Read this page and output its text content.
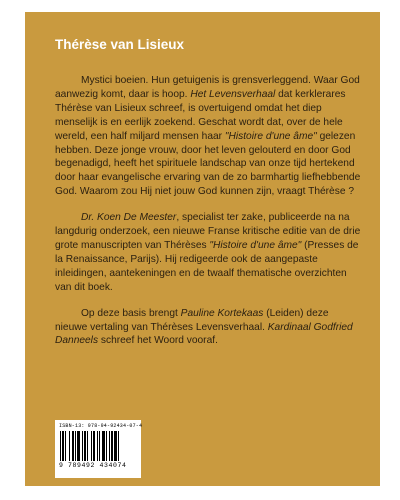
Thérèse van Lisieux

Mystici boeien. Hun getuigenis is grensverleggend. Waar God aanwezig komt, daar is hoop. Het Levensverhaal dat kerklerares Thérèse van Lisieux schreef, is overtuigend omdat het diep menselijk is en eerlijk zoekend. Geschat wordt dat, over de hele wereld, een half miljard mensen haar "Histoire d'une âme" gelezen hebben. Deze jonge vrouw, door het leven gelouterd en door God begenadigd, heeft het spirituele landschap van onze tijd hertekend door haar evangelische ervaring van de zo barmhartig liefhebbende God. Waarom zou Hij niet jouw God kunnen zijn, vraagt Thérèse ?

Dr. Koen De Meester, specialist ter zake, publiceerde na na langdurig onderzoek, een nieuwe Franse kritische editie van de drie grote manuscripten van Thérèses "Histoire d'une âme" (Presses de la Renaissance, Parijs). Hij redigeerde ook de aangepaste inleidingen, aantekeningen en de twaalf thematische overzichten van dit boek.

Op deze basis brengt Pauline Kortekaas (Leiden) deze nieuwe vertaling van Thérèses Levensverhaal. Kardinaal Godfried Danneels schreef het Woord vooraf.

ISBN-13: 978-94-92434-07-4
9 789492 434074
